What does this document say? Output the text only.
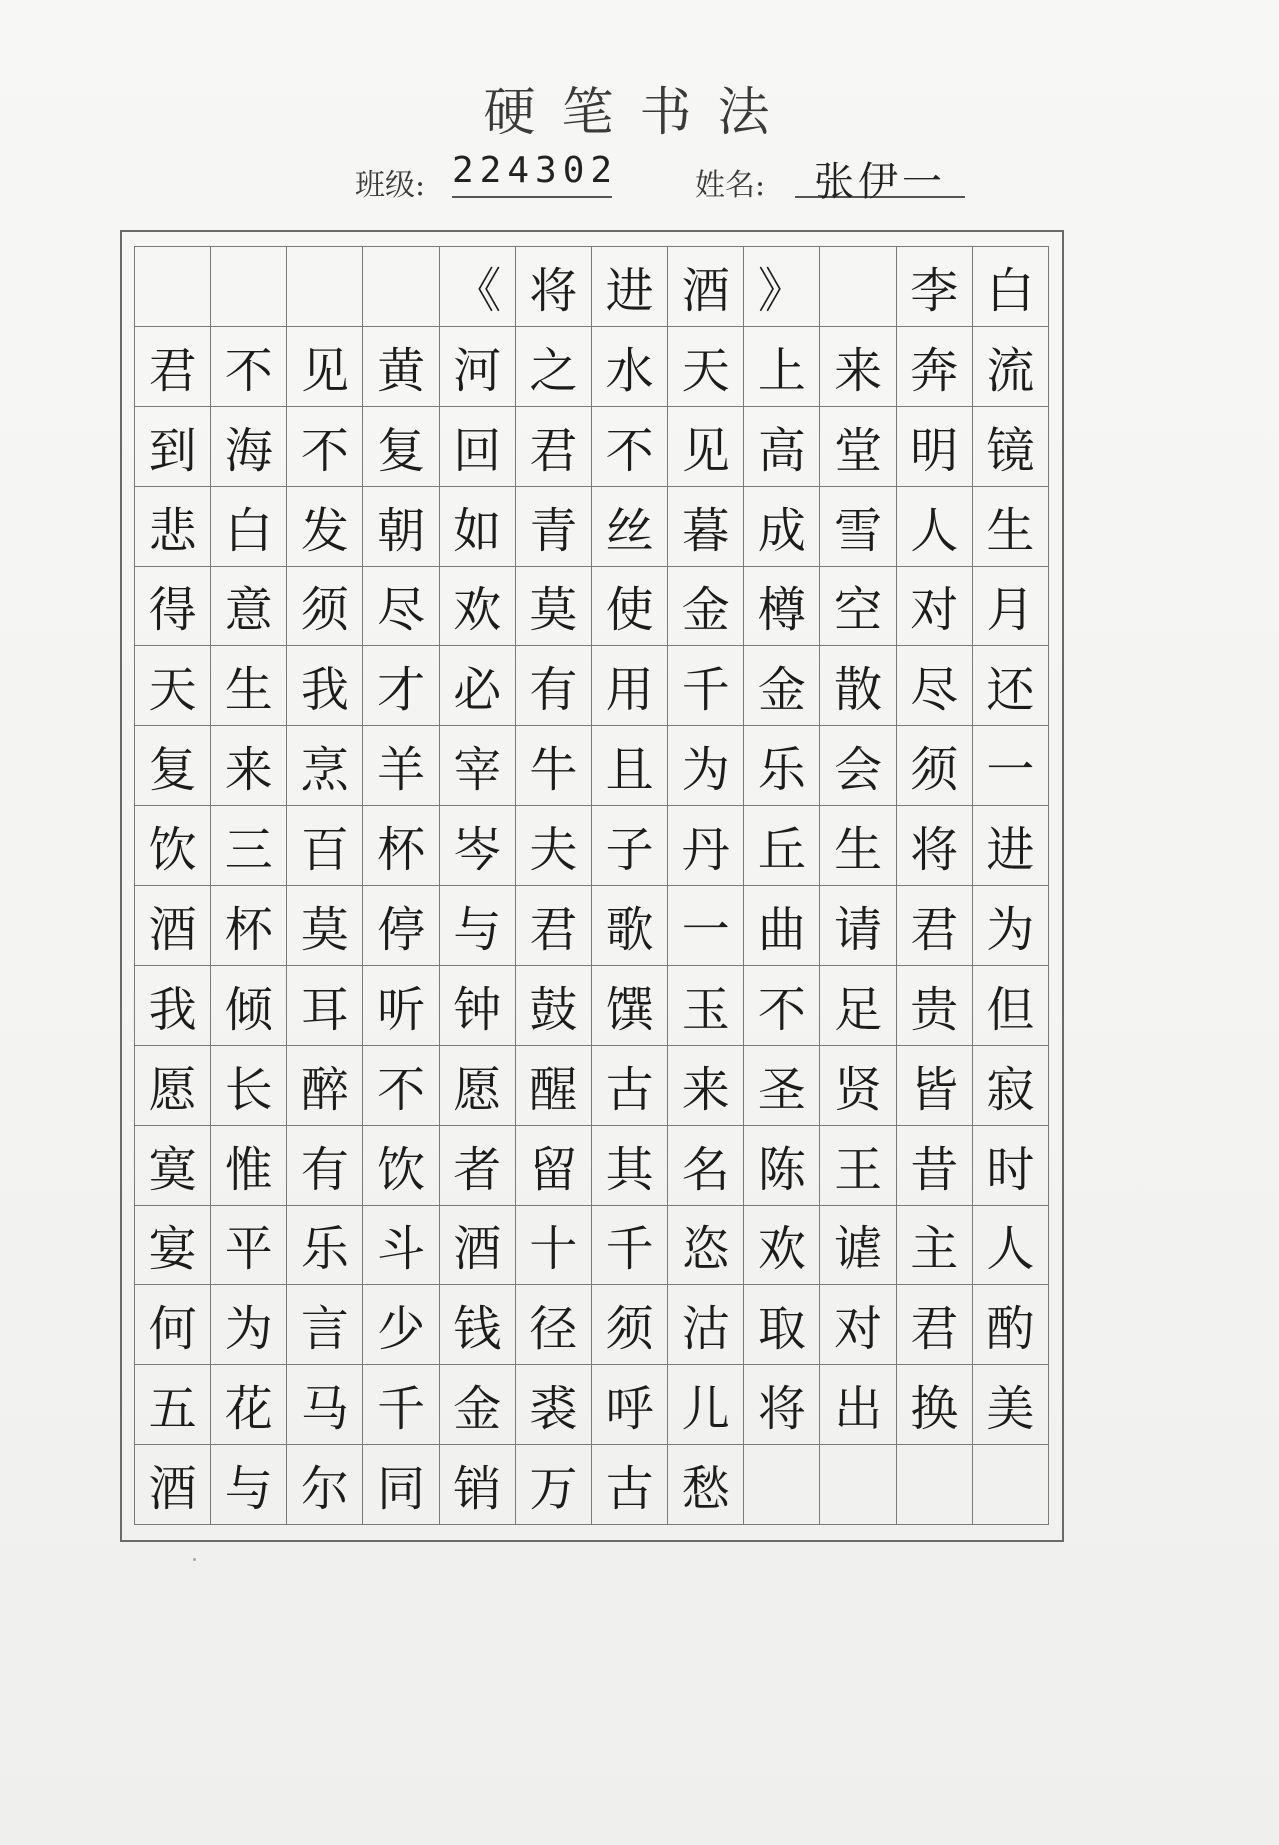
硬笔书法
班级: 224302	姓名:	张伊一
《 将 进 酒 》	李 白
君 不 见 黄 河 之 水 天 上 来 奔 流
到 海 不 复 回 君 不 见 高 堂 明 镜
悲 白 发 朝 如 青 丝 暮 成 雪 人 生
得 意 须 尽 欢 莫 使 金 樽 空 对 月
天 生 我 才 必 有 用 千 金 散 尽 还
复 来 烹 羊 宰 牛 且 为 乐 会 须 一
饮 三 百 杯 岑 夫 子 丹 丘 生 将 进
酒 杯 莫 停 与 君 歌 一 曲 请 君 为
我 倾 耳 听 钟 鼓 馔 玉 不 足 贵 但
愿 长 醉 不 愿 醒 古 来 圣 贤 皆 寂
寞 惟 有 饮 者 留 其 名 陈 王 昔 时
宴 平 乐 斗 酒 十 千 恣 欢 谑 主 人
何 为 言 少 钱 径 须 沽 取 对 君 酌
五 花 马 千 金 裘 呼 儿 将 出 换 美
酒 与 尔 同 销 万 古 愁
